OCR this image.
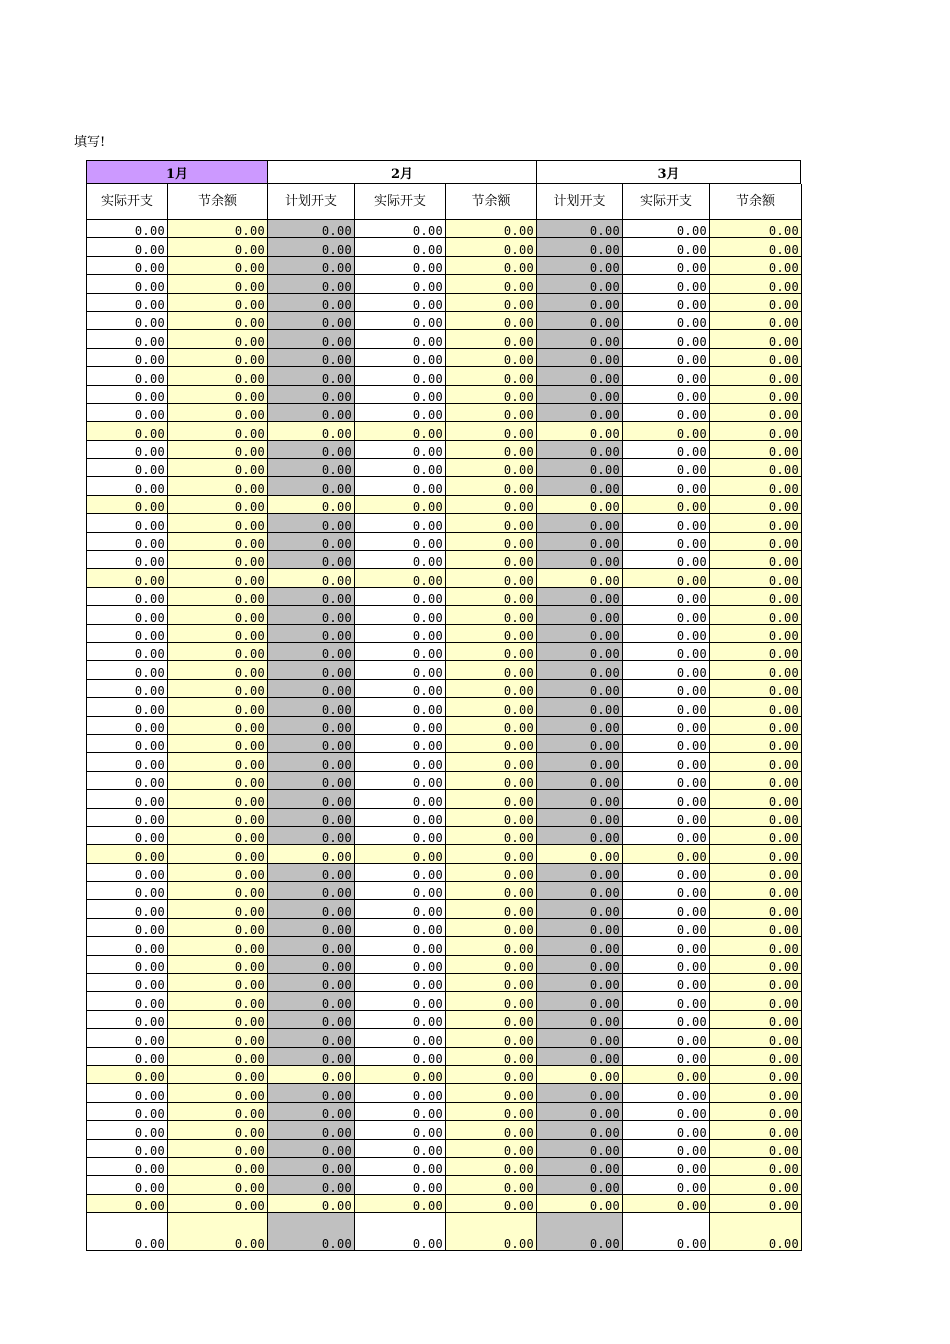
填写!
1月	2月	3月
实际开支	节余额	计划开支	实际开支	节余额	计划开支	实际开支	节余额
0.00	0.00	0.00	0.00	0.00	0.00	0.00	0.00
0.00	0.00	0.00	0.00	0.00	0.00	0.00	0.00
0.00	0.00	0.00	0.00	0.00	0.00	0.00	0.00
0.00	0.00	0.00	0.00	0.00	0.00	0.00	0.00
0.00	0.00	0.00	0.00	0.00	0.00	0.00	0.00
0.00	0.00	0.00	0.00	0.00	0.00	0.00	0.00
0.00	0.00	0.00	0.00	0.00	0.00	0.00	0.00
0.00	0.00	0.00	0.00	0.00	0.00	0.00	0.00
0.00	0.00	0.00	0.00	0.00	0.00	0.00	0.00
0.00	0.00	0.00	0.00	0.00	0.00	0.00	0.00
0.00	0.00	0.00	0.00	0.00	0.00	0.00	0.00
0.00	0.00	0.00	0.00	0.00	0.00	0.00	0.00
0.00	0.00	0.00	0.00	0.00	0.00	0.00	0.00
0.00	0.00	0.00	0.00	0.00	0.00	0.00	0.00
0.00	0.00	0.00	0.00	0.00	0.00	0.00	0.00
0.00	0.00	0.00	0.00	0.00	0.00	0.00	0.00
0.00	0.00	0.00	0.00	0.00	0.00	0.00	0.00
0.00	0.00	0.00	0.00	0.00	0.00	0.00	0.00
0.00	0.00	0.00	0.00	0.00	0.00	0.00	0.00
0.00	0.00	0.00	0.00	0.00	0.00	0.00	0.00
0.00	0.00	0.00	0.00	0.00	0.00	0.00	0.00
0.00	0.00	0.00	0.00	0.00	0.00	0.00	0.00
0.00	0.00	0.00	0.00	0.00	0.00	0.00	0.00
0.00	0.00	0.00	0.00	0.00	0.00	0.00	0.00
0.00	0.00	0.00	0.00	0.00	0.00	0.00	0.00
0.00	0.00	0.00	0.00	0.00	0.00	0.00	0.00
0.00	0.00	0.00	0.00	0.00	0.00	0.00	0.00
0.00	0.00	0.00	0.00	0.00	0.00	0.00	0.00
0.00	0.00	0.00	0.00	0.00	0.00	0.00	0.00
0.00	0.00	0.00	0.00	0.00	0.00	0.00	0.00
0.00	0.00	0.00	0.00	0.00	0.00	0.00	0.00
0.00	0.00	0.00	0.00	0.00	0.00	0.00	0.00
0.00	0.00	0.00	0.00	0.00	0.00	0.00	0.00
0.00	0.00	0.00	0.00	0.00	0.00	0.00	0.00
0.00	0.00	0.00	0.00	0.00	0.00	0.00	0.00
0.00	0.00	0.00	0.00	0.00	0.00	0.00	0.00
0.00	0.00	0.00	0.00	0.00	0.00	0.00	0.00
0.00	0.00	0.00	0.00	0.00	0.00	0.00	0.00
0.00	0.00	0.00	0.00	0.00	0.00	0.00	0.00
0.00	0.00	0.00	0.00	0.00	0.00	0.00	0.00
0.00	0.00	0.00	0.00	0.00	0.00	0.00	0.00
0.00	0.00	0.00	0.00	0.00	0.00	0.00	0.00
0.00	0.00	0.00	0.00	0.00	0.00	0.00	0.00
0.00	0.00	0.00	0.00	0.00	0.00	0.00	0.00
0.00	0.00	0.00	0.00	0.00	0.00	0.00	0.00
0.00	0.00	0.00	0.00	0.00	0.00	0.00	0.00
0.00	0.00	0.00	0.00	0.00	0.00	0.00	0.00
0.00	0.00	0.00	0.00	0.00	0.00	0.00	0.00
0.00	0.00	0.00	0.00	0.00	0.00	0.00	0.00
0.00	0.00	0.00	0.00	0.00	0.00	0.00	0.00
0.00	0.00	0.00	0.00	0.00	0.00	0.00	0.00
0.00	0.00	0.00	0.00	0.00	0.00	0.00	0.00
0.00	0.00	0.00	0.00	0.00	0.00	0.00	0.00
0.00	0.00	0.00	0.00	0.00	0.00	0.00	0.00
0.00	0.00	0.00	0.00	0.00	0.00	0.00	0.00
